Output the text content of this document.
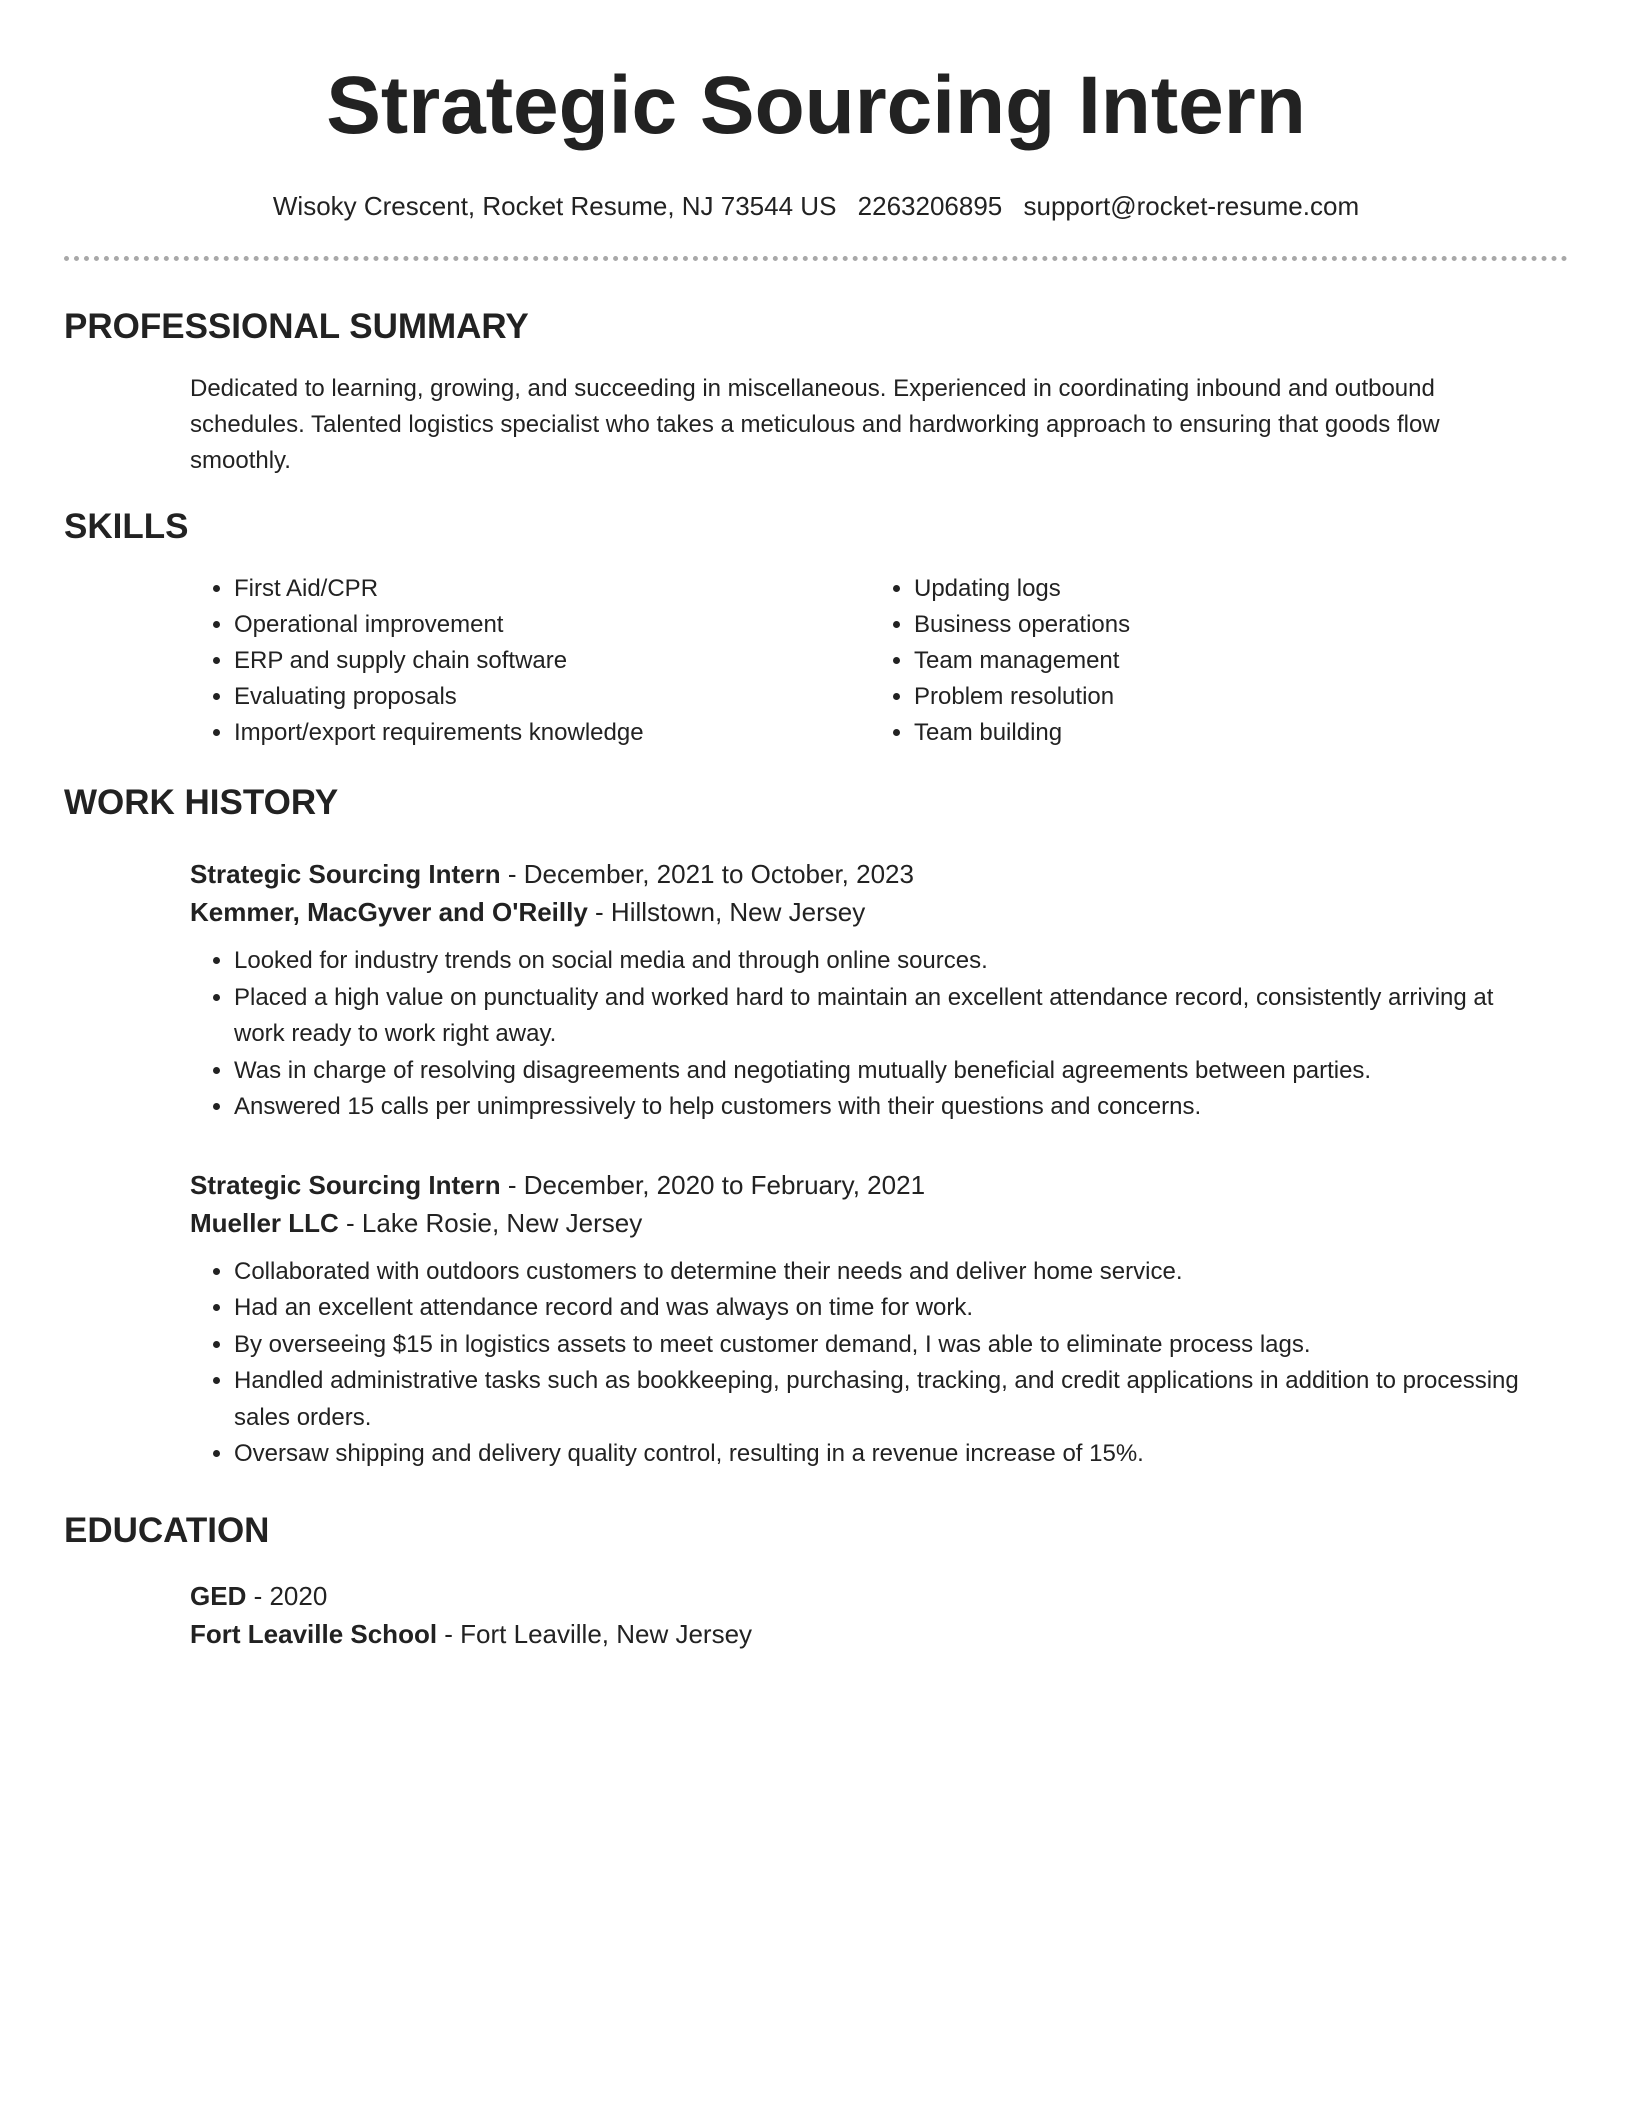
Strategic Sourcing Intern
Wisoky Crescent, Rocket Resume, NJ 73544 US 2263206895 support@rocket-resume.com
PROFESSIONAL SUMMARY
Dedicated to learning, growing, and succeeding in miscellaneous. Experienced in coordinating inbound and outbound schedules. Talented logistics specialist who takes a meticulous and hardworking approach to ensuring that goods flow smoothly.
SKILLS
• First Aid/CPR
• Operational improvement
• ERP and supply chain software
• Evaluating proposals
• Import/export requirements knowledge
• Updating logs
• Business operations
• Team management
• Problem resolution
• Team building
WORK HISTORY
Strategic Sourcing Intern - December, 2021 to October, 2023
Kemmer, MacGyver and O'Reilly - Hillstown, New Jersey
• Looked for industry trends on social media and through online sources.
• Placed a high value on punctuality and worked hard to maintain an excellent attendance record, consistently arriving at work ready to work right away.
• Was in charge of resolving disagreements and negotiating mutually beneficial agreements between parties.
• Answered 15 calls per unimpressively to help customers with their questions and concerns.
Strategic Sourcing Intern - December, 2020 to February, 2021
Mueller LLC - Lake Rosie, New Jersey
• Collaborated with outdoors customers to determine their needs and deliver home service.
• Had an excellent attendance record and was always on time for work.
• By overseeing $15 in logistics assets to meet customer demand, I was able to eliminate process lags.
• Handled administrative tasks such as bookkeeping, purchasing, tracking, and credit applications in addition to processing sales orders.
• Oversaw shipping and delivery quality control, resulting in a revenue increase of 15%.
EDUCATION
GED - 2020
Fort Leaville School - Fort Leaville, New Jersey
